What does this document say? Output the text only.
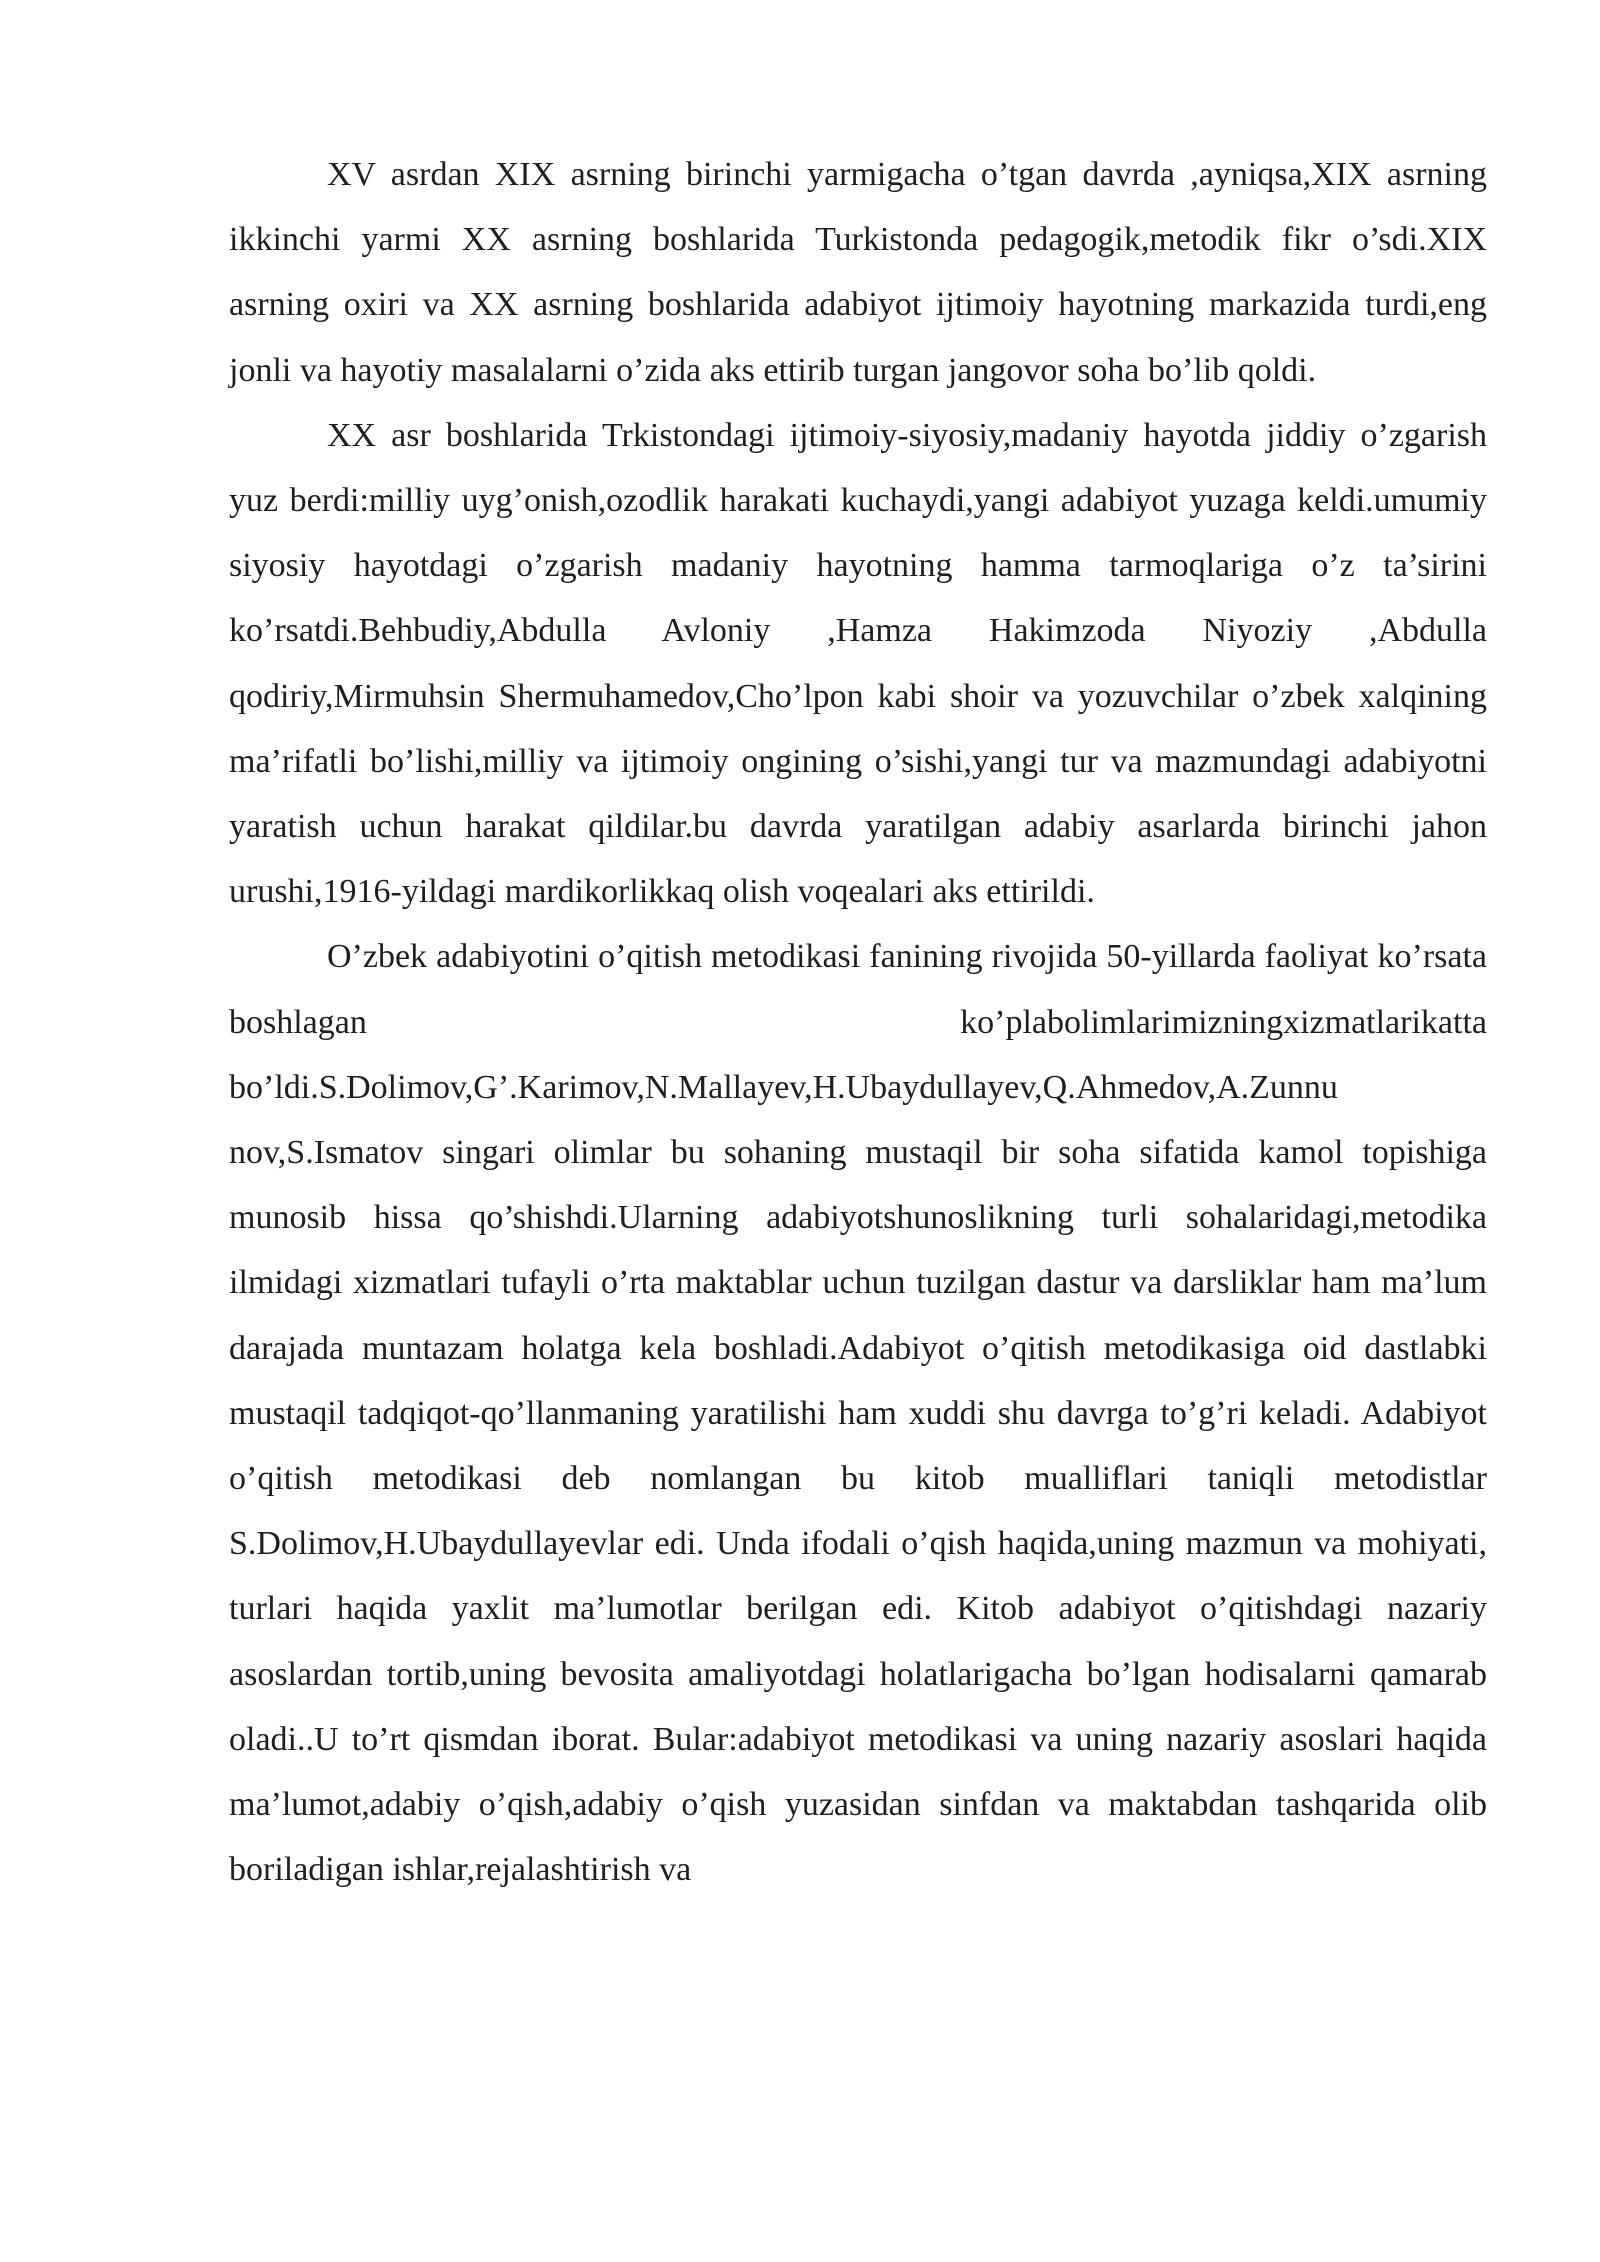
XV asrdan XIX asrning birinchi yarmigacha o’tgan davrda ,ayniqsa,XIX asrning ikkinchi yarmi XX asrning boshlarida Turkistonda pedagogik,metodik fikr o’sdi.XIX asrning oxiri va XX asrning boshlarida adabiyot ijtimoiy hayotning markazida turdi,eng jonli va hayotiy masalalarni o’zida aks ettirib turgan jangovor soha bo’lib qoldi.

XX asr boshlarida Trkistondagi ijtimoiy-siyosiy,madaniy hayotda jiddiy o’zgarish yuz berdi:milliy uyg’onish,ozodlik harakati kuchaydi,yangi adabiyot yuzaga keldi.umumiy siyosiy hayotdagi o’zgarish madaniy hayotning hamma tarmoqlariga o’z ta’sirini ko’rsatdi.Behbudiy,Abdulla Avloniy ,Hamza Hakimzoda Niyoziy ,Abdulla qodiriy,Mirmuhsin Shermuhamedov,Cho’lpon kabi shoir va yozuvchilar o’zbek xalqining ma’rifatli bo’lishi,milliy va ijtimoiy ongining o’sishi,yangi tur va mazmundagi adabiyotni yaratish uchun harakat qildilar.bu davrda yaratilgan adabiy asarlarda birinchi jahon urushi,1916-yildagi mardikorlikkaq olish voqealari aks ettirildi.

O’zbek adabiyotini o’qitish metodikasi fanining rivojida 50-yillarda faoliyat ko’rsata boshlagan ko’plabolimlarimizningxizmatlarikatta bo’ldi.S.Dolimov,G’.Karimov,N.Mallayev,H.Ubaydullayev,Q.Ahmedov,A.Zunnu nov,S.Ismatov singari olimlar bu sohaning mustaqil bir soha sifatida kamol topishiga munosib hissa qo’shishdi.Ularning adabiyotshunoslikning turli sohalaridagi,metodika ilmidagi xizmatlari tufayli o’rta maktablar uchun tuzilgan dastur va darsliklar ham ma’lum darajada muntazam holatga kela boshladi.Adabiyot o’qitish metodikasiga oid dastlabki mustaqil tadqiqot-qo’llanmaning yaratilishi ham xuddi shu davrga to’g’ri keladi. Adabiyot o’qitish metodikasi deb nomlangan bu kitob mualliflari taniqli metodistlar S.Dolimov,H.Ubaydullayevlar edi. Unda ifodali o’qish haqida,uning mazmun va mohiyati, turlari haqida yaxlit ma’lumotlar berilgan edi. Kitob adabiyot o’qitishdagi nazariy asoslardan tortib,uning bevosita amaliyotdagi holatlarigacha bo’lgan hodisalarni qamarab oladi..U to’rt qismdan iborat. Bular:adabiyot metodikasi va uning nazariy asoslari haqida ma’lumot,adabiy o’qish,adabiy o’qish yuzasidan sinfdan va maktabdan tashqarida olib boriladigan ishlar,rejalashtirish va
